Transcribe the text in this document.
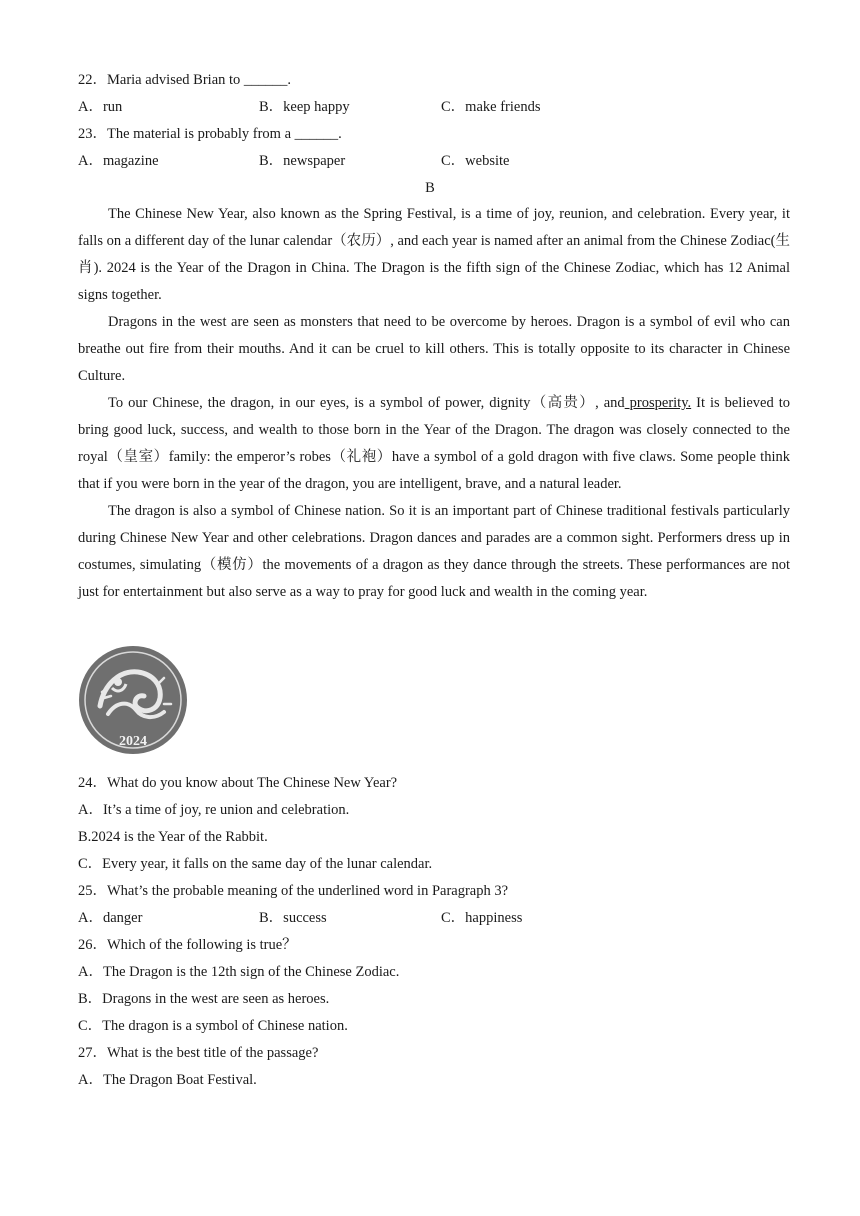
22．Maria advised Brian to ______.
A．run	B．keep happy	C．make friends
23．The material is probably from a ______.
A．magazine	B．newspaper	C．website
B

The Chinese New Year, also known as the Spring Festival, is a time of joy, reunion, and celebration. Every year, it falls on a different day of the lunar calendar（农历）, and each year is named after an animal from the Chinese Zodiac(生肖). 2024 is the Year of the Dragon in China. The Dragon is the fifth sign of the Chinese Zodiac, which has 12 Animal signs together.

Dragons in the west are seen as monsters that need to be overcome by heroes. Dragon is a symbol of evil who can breathe out fire from their mouths. And it can be cruel to kill others. This is totally opposite to its character in Chinese Culture.

To our Chinese, the dragon, in our eyes, is a symbol of power, dignity（高贵）, and prosperity. It is believed to bring good luck, success, and wealth to those born in the Year of the Dragon. The dragon was closely connected to the royal（皇室）family: the emperor’s robes（礼袍）have a symbol of a gold dragon with five claws. Some people think that if you were born in the year of the dragon, you are intelligent, brave, and a natural leader.

The dragon is also a symbol of Chinese nation. So it is an important part of Chinese traditional festivals particularly during Chinese New Year and other celebrations. Dragon dances and parades are a common sight. Performers dress up in costumes, simulating（模仿）the movements of a dragon as they dance through the streets. These performances are not just for entertainment but also serve as a way to pray for good luck and wealth in the coming year.

2024
24．What do you know about The Chinese New Year?
A．It’s a time of joy, re union and celebration.
B.2024 is the Year of the Rabbit.
C．Every year, it falls on the same day of the lunar calendar.
25．What’s the probable meaning of the underlined word in Paragraph 3?
A．danger	B．success	C．happiness
26．Which of the following is true？
A．The Dragon is the 12th sign of the Chinese Zodiac.
B．Dragons in the west are seen as heroes.
C．The dragon is a symbol of Chinese nation.
27．What is the best title of the passage?
A．The Dragon Boat Festival.
